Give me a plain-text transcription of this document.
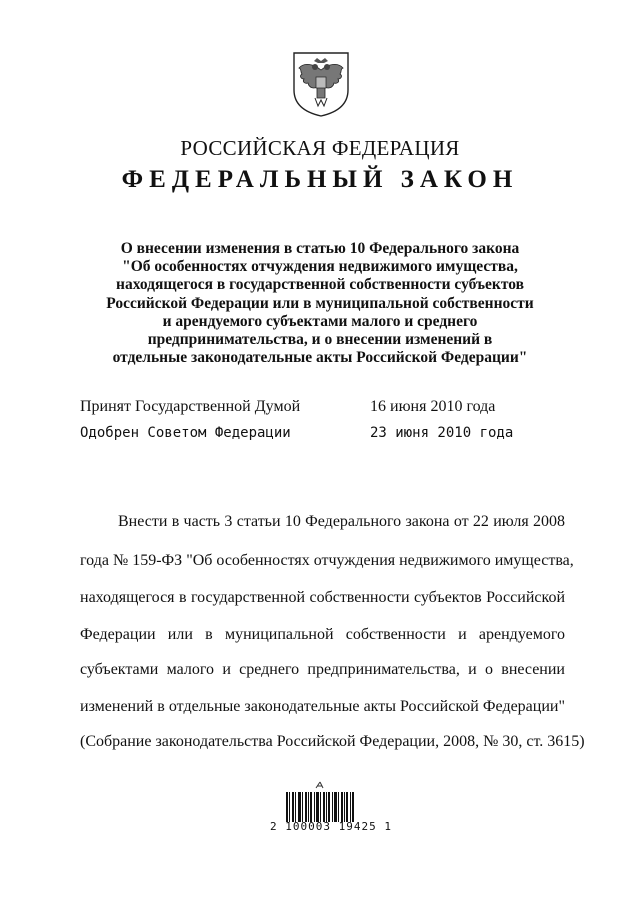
РОССИЙСКАЯ ФЕДЕРАЦИЯ
ФЕДЕРАЛЬНЫЙ ЗАКОН
О внесении изменения в статью 10 Федерального закона
"Об особенностях отчуждения недвижимого имущества,
находящегося в государственной собственности субъектов
Российской Федерации или в муниципальной собственности
и арендуемого субъектами малого и среднего
предпринимательства, и о внесении изменений в
отдельные законодательные акты Российской Федерации"
Принят Государственной Думой	16 июня 2010 года
Одобрен Советом Федерации	23 июня 2010 года
Внести в часть 3 статьи 10 Федерального закона от 22 июля 2008
года № 159-ФЗ "Об особенностях отчуждения недвижимого имущества,
находящегося в государственной собственности субъектов Российской
Федерации или в муниципальной собственности и арендуемого
субъектами малого и среднего предпринимательства, и о внесении
изменений в отдельные законодательные акты Российской Федерации"
(Собрание законодательства Российской Федерации, 2008, № 30, ст. 3615)
2 100003 19425 1
